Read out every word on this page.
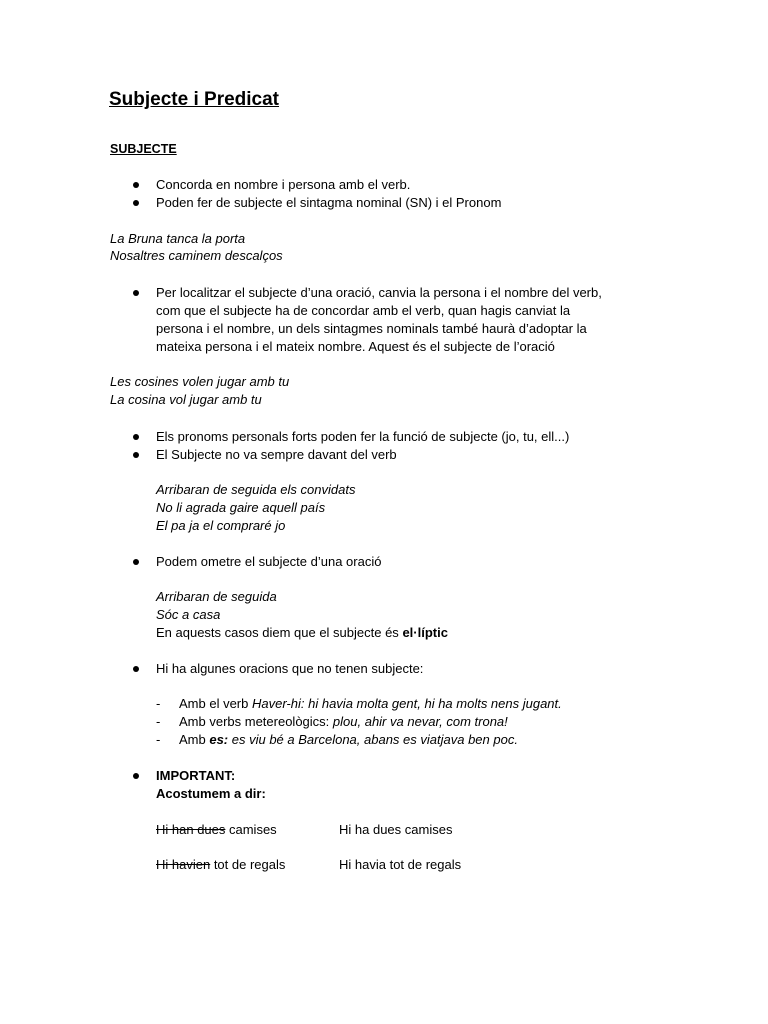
Subjecte i Predicat
SUBJECTE
Concorda en nombre i persona amb el verb.
Poden fer de subjecte el sintagma nominal (SN) i el Pronom
La Bruna tanca la porta
Nosaltres caminem descalços
Per localitzar el subjecte d’una oració, canvia la persona i el nombre del verb,
com que el subjecte ha de concordar amb el verb, quan hagis canviat la
persona i el nombre, un dels sintagmes nominals també haurà d’adoptar la
mateixa persona i el mateix nombre. Aquest és el subjecte de l’oració
Les cosines volen jugar amb tu
La cosina vol jugar amb tu
Els pronoms personals forts poden fer la funció de subjecte (jo, tu, ell...)
El Subjecte no va sempre davant del verb
Arribaran de seguida els convidats
No li agrada gaire aquell país
El pa ja el compraré jo
Podem ometre el subjecte d’una oració
Arribaran de seguida
Sóc a casa
En aquests casos diem que el subjecte és el·líptic
Hi ha algunes oracions que no tenen subjecte:
- Amb el verb Haver-hi: hi havia molta gent, hi ha molts nens jugant.
- Amb verbs metereològics: plou, ahir va nevar, com trona!
- Amb es: es viu bé a Barcelona, abans es viatjava ben poc.
IMPORTANT:
Acostumem a dir:
Hi han dues camises	Hi ha dues camises
Hi havien tot de regals	Hi havia tot de regals
